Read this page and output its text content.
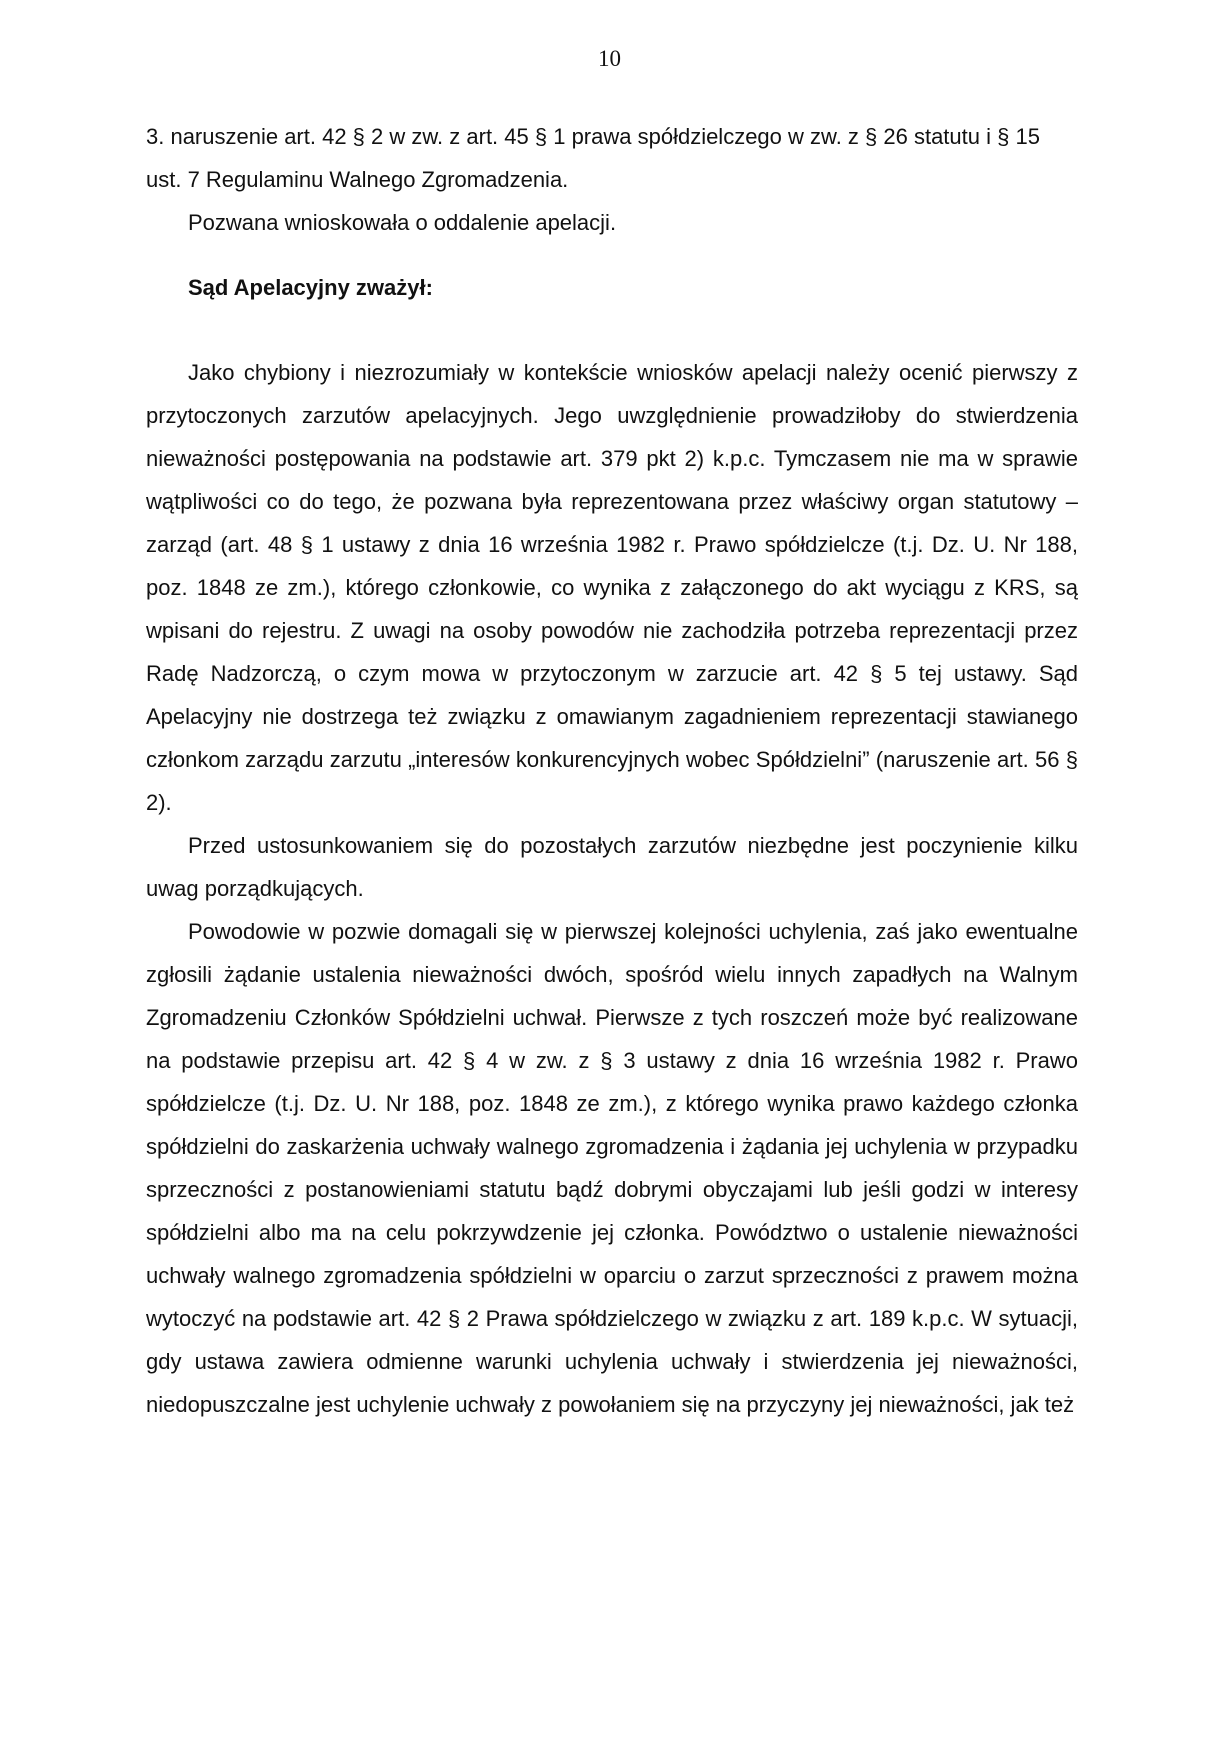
10

3. naruszenie art. 42 § 2 w zw. z art. 45 § 1 prawa spółdzielczego w zw. z § 26 statutu i § 15 ust. 7 Regulaminu Walnego Zgromadzenia.

Pozwana wnioskowała o oddalenie apelacji.

Sąd Apelacyjny zważył:

Jako chybiony i niezrozumiały w kontekście wniosków apelacji należy ocenić pierwszy z przytoczonych zarzutów apelacyjnych. Jego uwzględnienie prowadziłoby do stwierdzenia nieważności postępowania na podstawie art. 379 pkt 2) k.p.c. Tymczasem nie ma w sprawie wątpliwości co do tego, że pozwana była reprezentowana przez właściwy organ statutowy – zarząd (art. 48 § 1 ustawy z dnia 16 września 1982 r. Prawo spółdzielcze (t.j. Dz. U. Nr 188, poz. 1848 ze zm.), którego członkowie, co wynika z załączonego do akt wyciągu z KRS, są wpisani do rejestru. Z uwagi na osoby powodów nie zachodziła potrzeba reprezentacji przez Radę Nadzorczą, o czym mowa w przytoczonym w zarzucie art. 42 § 5 tej ustawy. Sąd Apelacyjny nie dostrzega też związku z omawianym zagadnieniem reprezentacji stawianego członkom zarządu zarzutu „interesów konkurencyjnych wobec Spółdzielni” (naruszenie art. 56 § 2).

Przed ustosunkowaniem się do pozostałych zarzutów niezbędne jest poczynienie kilku uwag porządkujących.

Powodowie w pozwie domagali się w pierwszej kolejności uchylenia, zaś jako ewentualne zgłosili żądanie ustalenia nieważności dwóch, spośród wielu innych zapadłych na Walnym Zgromadzeniu Członków Spółdzielni uchwał. Pierwsze z tych roszczeń może być realizowane na podstawie przepisu art. 42 § 4 w zw. z § 3 ustawy z dnia 16 września 1982 r. Prawo spółdzielcze (t.j. Dz. U. Nr 188, poz. 1848 ze zm.), z którego wynika prawo każdego członka spółdzielni do zaskarżenia uchwały walnego zgromadzenia i żądania jej uchylenia w przypadku sprzeczności z postanowieniami statutu bądź dobrymi obyczajami lub jeśli godzi w interesy spółdzielni albo ma na celu pokrzywdzenie jej członka. Powództwo o ustalenie nieważności uchwały walnego zgromadzenia spółdzielni w oparciu o zarzut sprzeczności z prawem można wytoczyć na podstawie art. 42 § 2 Prawa spółdzielczego w związku z art. 189 k.p.c. W sytuacji, gdy ustawa zawiera odmienne warunki uchylenia uchwały i stwierdzenia jej nieważności, niedopuszczalne jest uchylenie uchwały z powołaniem się na przyczyny jej nieważności, jak też
